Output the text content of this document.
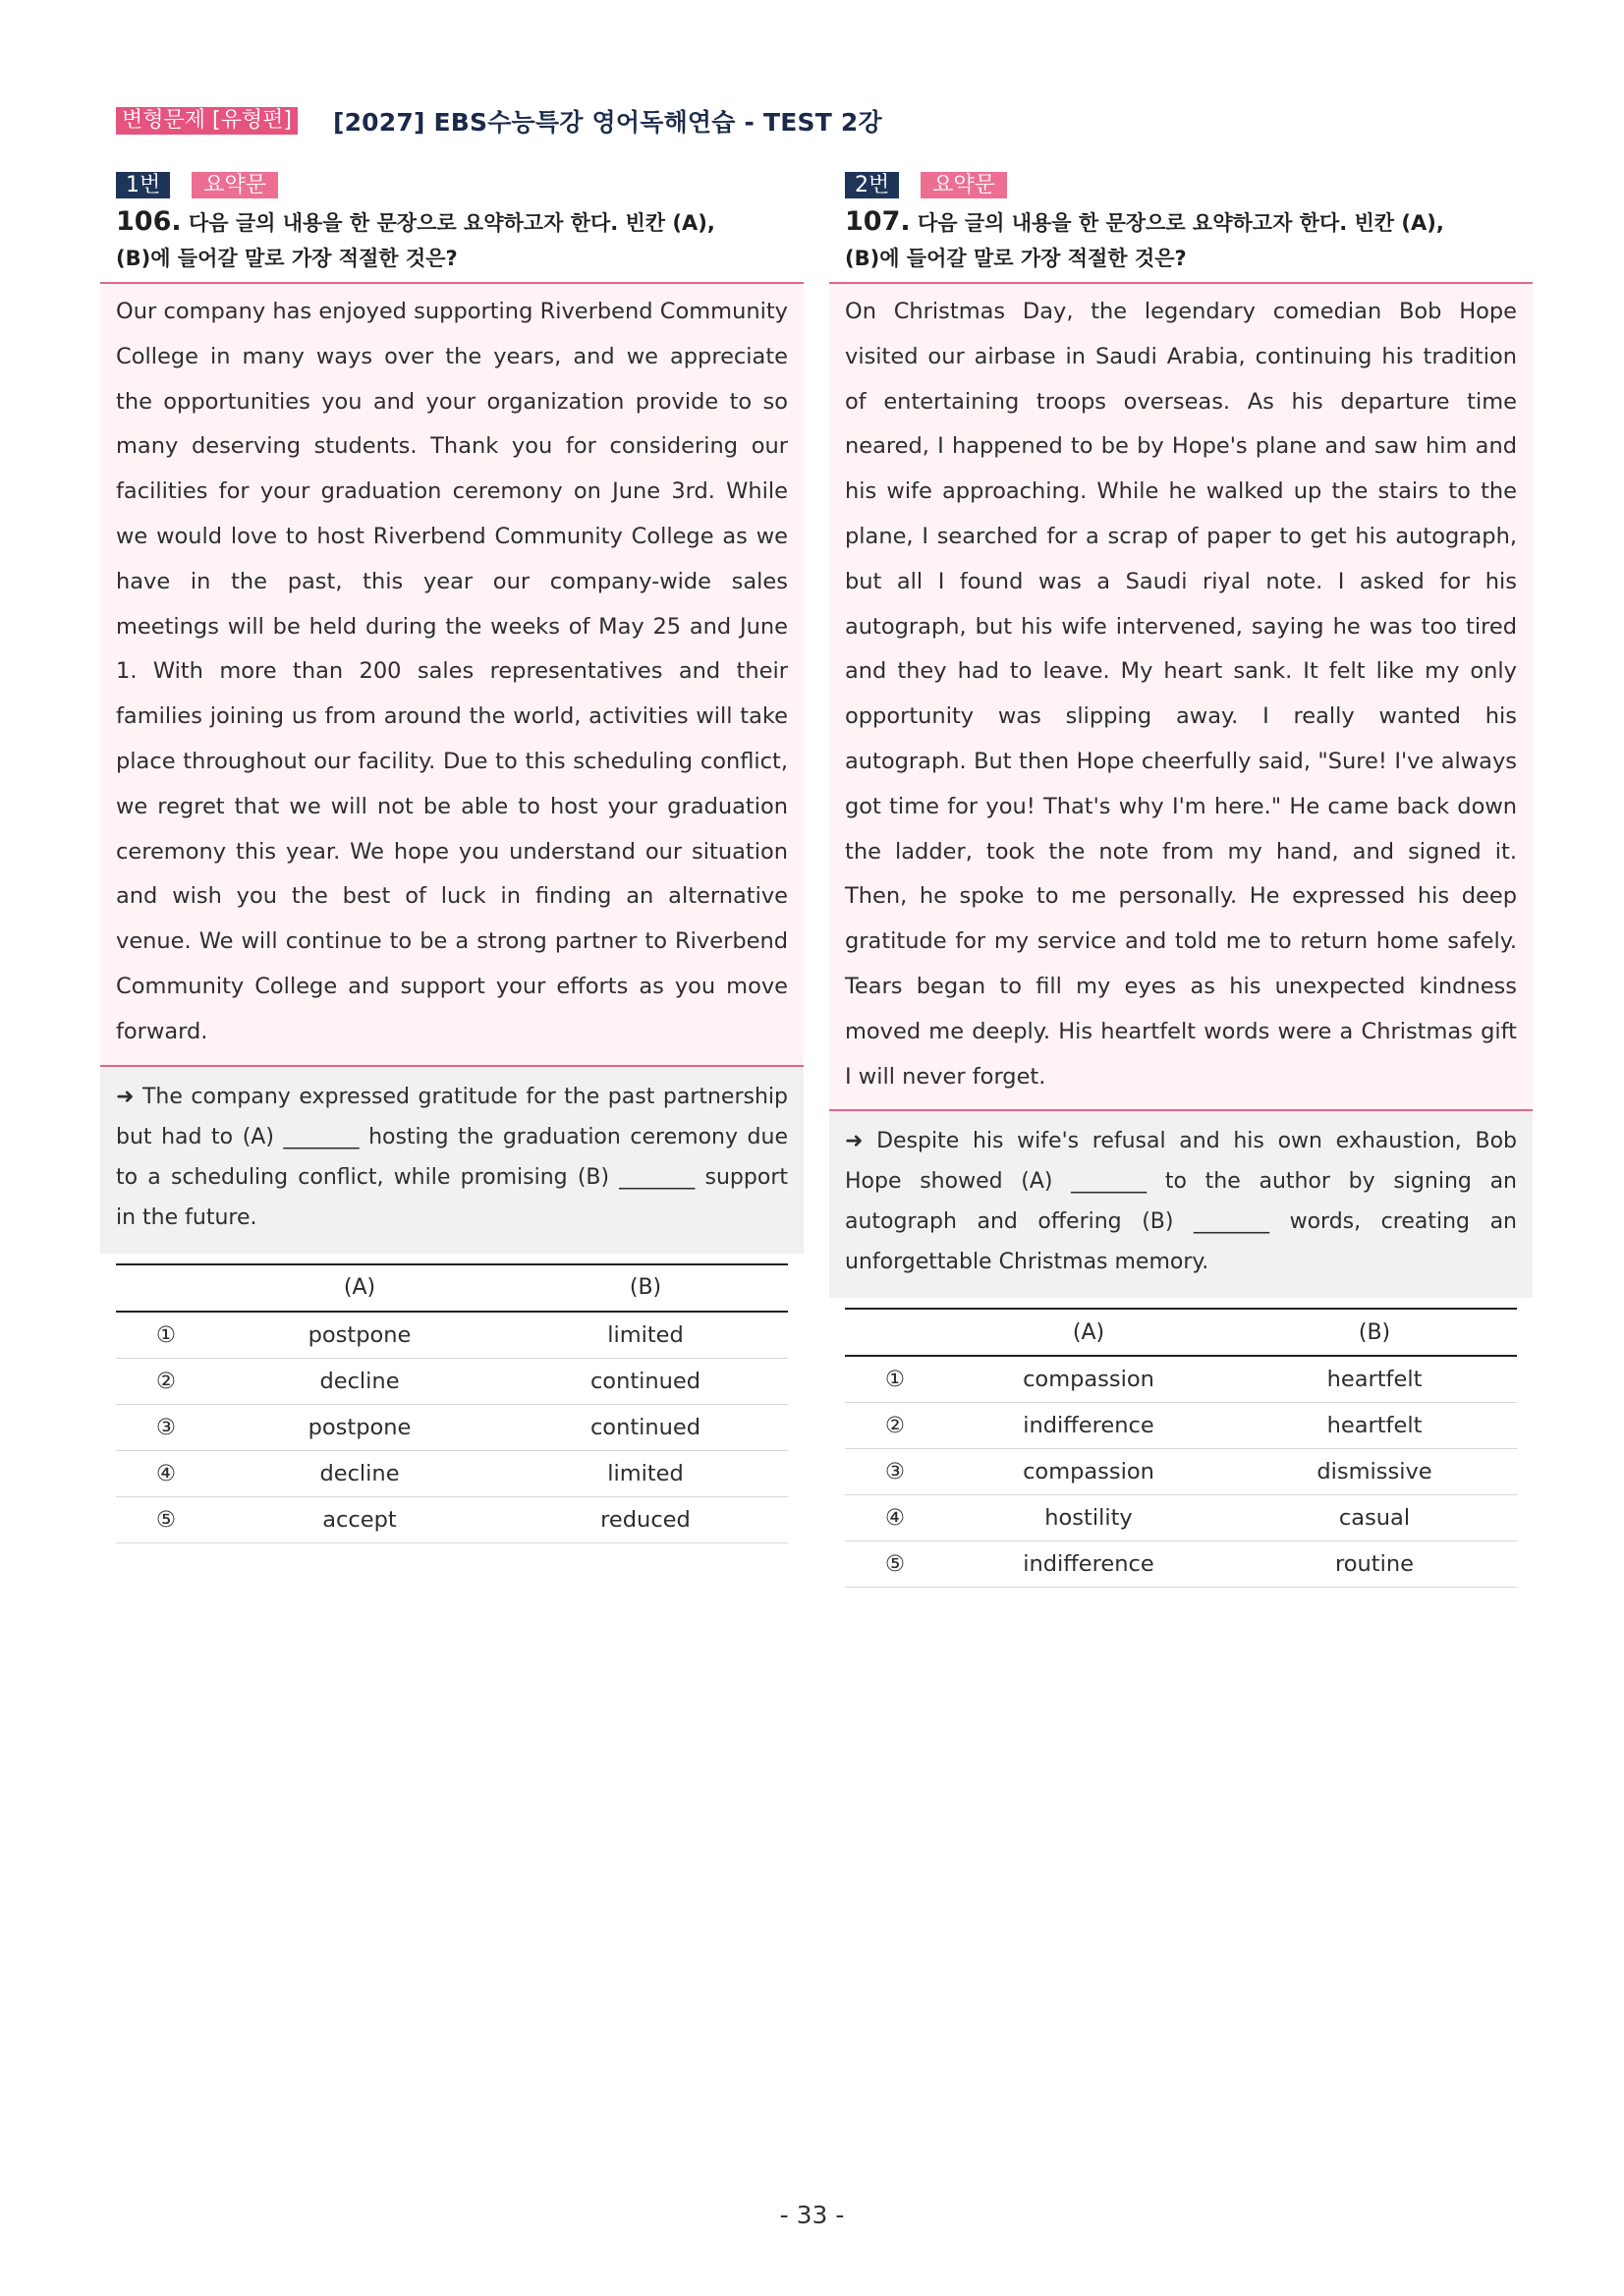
변형문제 [유형편] [2027] EBS수능특강 영어독해연습 - TEST 2강
1번	요약문
106. 다음 글의 내용을 한 문장으로 요약하고자 한다. 빈칸 (A),
(B)에 들어갈 말로 가장 적절한 것은?

Our company has enjoyed supporting Riverbend Community College in many ways over the years, and we appreciate the opportunities you and your organization provide to so many deserving students. Thank you for considering our facilities for your graduation ceremony on June 3rd. While we would love to host Riverbend Community College as we have in the past, this year our company-wide sales meetings will be held during the weeks of May 25 and June 1. With more than 200 sales representatives and their families joining us from around the world, activities will take place throughout our facility. Due to this scheduling conflict, we regret that we will not be able to host your graduation ceremony this year. We hope you understand our situation and wish you the best of luck in finding an alternative venue. We will continue to be a strong partner to Riverbend Community College and support your efforts as you move forward.

➜ The company expressed gratitude for the past partnership but had to (A) _______ hosting the graduation ceremony due to a scheduling conflict, while promising (B) _______ support in the future.

	(A)	(B)
①	postpone	limited
②	decline	continued
③	postpone	continued
④	decline	limited
⑤	accept	reduced
2번	요약문
107. 다음 글의 내용을 한 문장으로 요약하고자 한다. 빈칸 (A),
(B)에 들어갈 말로 가장 적절한 것은?

On Christmas Day, the legendary comedian Bob Hope visited our airbase in Saudi Arabia, continuing his tradition of entertaining troops overseas. As his departure time neared, I happened to be by Hope's plane and saw him and his wife approaching. While he walked up the stairs to the plane, I searched for a scrap of paper to get his autograph, but all I found was a Saudi riyal note. I asked for his autograph, but his wife intervened, saying he was too tired and they had to leave. My heart sank. It felt like my only opportunity was slipping away. I really wanted his autograph. But then Hope cheerfully said, "Sure! I've always got time for you! That's why I'm here." He came back down the ladder, took the note from my hand, and signed it. Then, he spoke to me personally. He expressed his deep gratitude for my service and told me to return home safely. Tears began to fill my eyes as his unexpected kindness moved me deeply. His heartfelt words were a Christmas gift I will never forget.

➜ Despite his wife's refusal and his own exhaustion, Bob Hope showed (A) _______ to the author by signing an autograph and offering (B) _______ words, creating an unforgettable Christmas memory.

	(A)	(B)
①	compassion	heartfelt
②	indifference	heartfelt
③	compassion	dismissive
④	hostility	casual
⑤	indifference	routine
- 33 -
